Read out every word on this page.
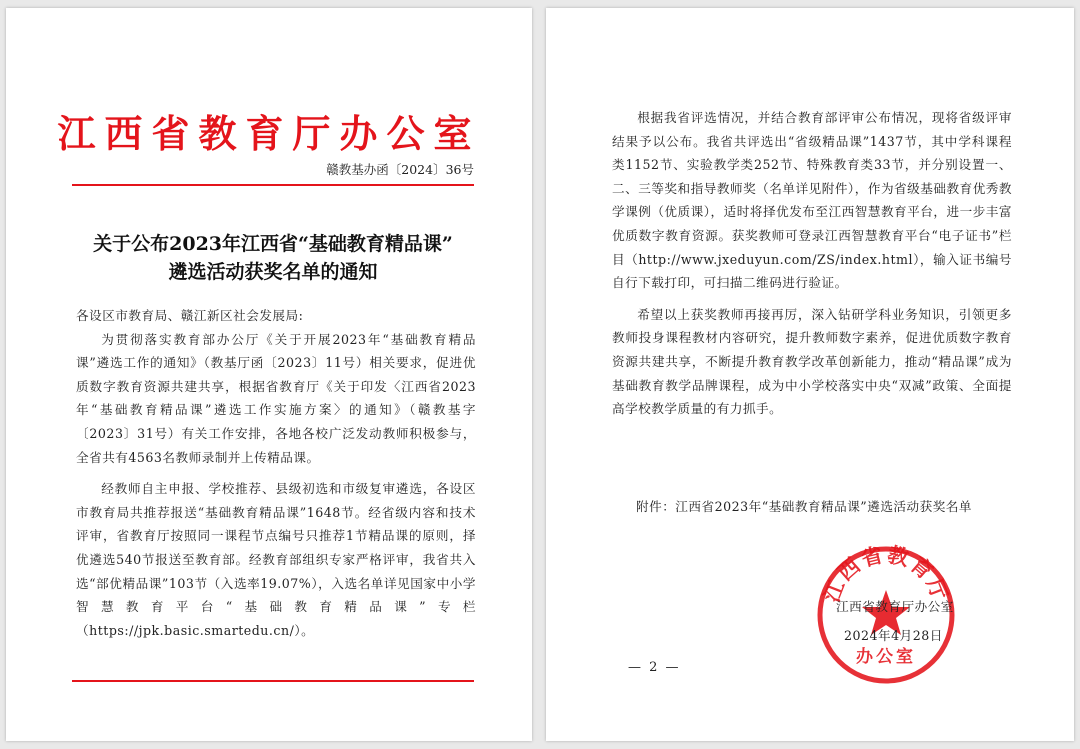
江西省教育厅办公室
赣教基办函〔2024〕36号
关于公布2023年江西省“基础教育精品课”
遴选活动获奖名单的通知

各设区市教育局、赣江新区社会发展局:

为贯彻落实教育部办公厅《关于开展2023年“基础教育精品课”遴选工作的通知》（教基厅函〔2023〕11号）相关要求，促进优质数字教育资源共建共享，根据省教育厅《关于印发〈江西省2023年“基础教育精品课”遴选工作实施方案〉的通知》（赣教基字〔2023〕31号）有关工作安排，各地各校广泛发动教师积极参与，全省共有4563名教师录制并上传精品课。

经教师自主申报、学校推荐、县级初选和市级复审遴选，各设区市教育局共推荐报送“基础教育精品课”1648节。经省级内容和技术评审，省教育厅按照同一课程节点编号只推荐1节精品课的原则，择优遴选540节报送至教育部。经教育部组织专家严格评审，我省共入选“部优精品课”103节（入选率19.07%），入选名单详见国家中小学智慧教育平台“基础教育精品课”专栏（https://jpk.basic.smartedu.cn/）。

根据我省评选情况，并结合教育部评审公布情况，现将省级评审结果予以公布。我省共评选出“省级精品课”1437节，其中学科课程类1152节、实验教学类252节、特殊教育类33节，并分别设置一、二、三等奖和指导教师奖（名单详见附件），作为省级基础教育优秀教学课例（优质课），适时将择优发布至江西智慧教育平台，进一步丰富优质数字教育资源。获奖教师可登录江西智慧教育平台“电子证书”栏目（http://www.jxeduyun.com/ZS/index.html），输入证书编号自行下载打印，可扫描二维码进行验证。

希望以上获奖教师再接再厉，深入钻研学科业务知识，引领更多教师投身课程教材内容研究，提升教师数字素养，促进优质数字教育资源共建共享，不断提升教育教学改革创新能力，推动“精品课”成为基础教育教学品牌课程，成为中小学校落实中央“双减”政策、全面提高学校教学质量的有力抓手。

附件：江西省2023年“基础教育精品课”遴选活动获奖名单
江西省教育厅
办公室
江西省教育厅办公室
2024年4月28日
— 2 —
